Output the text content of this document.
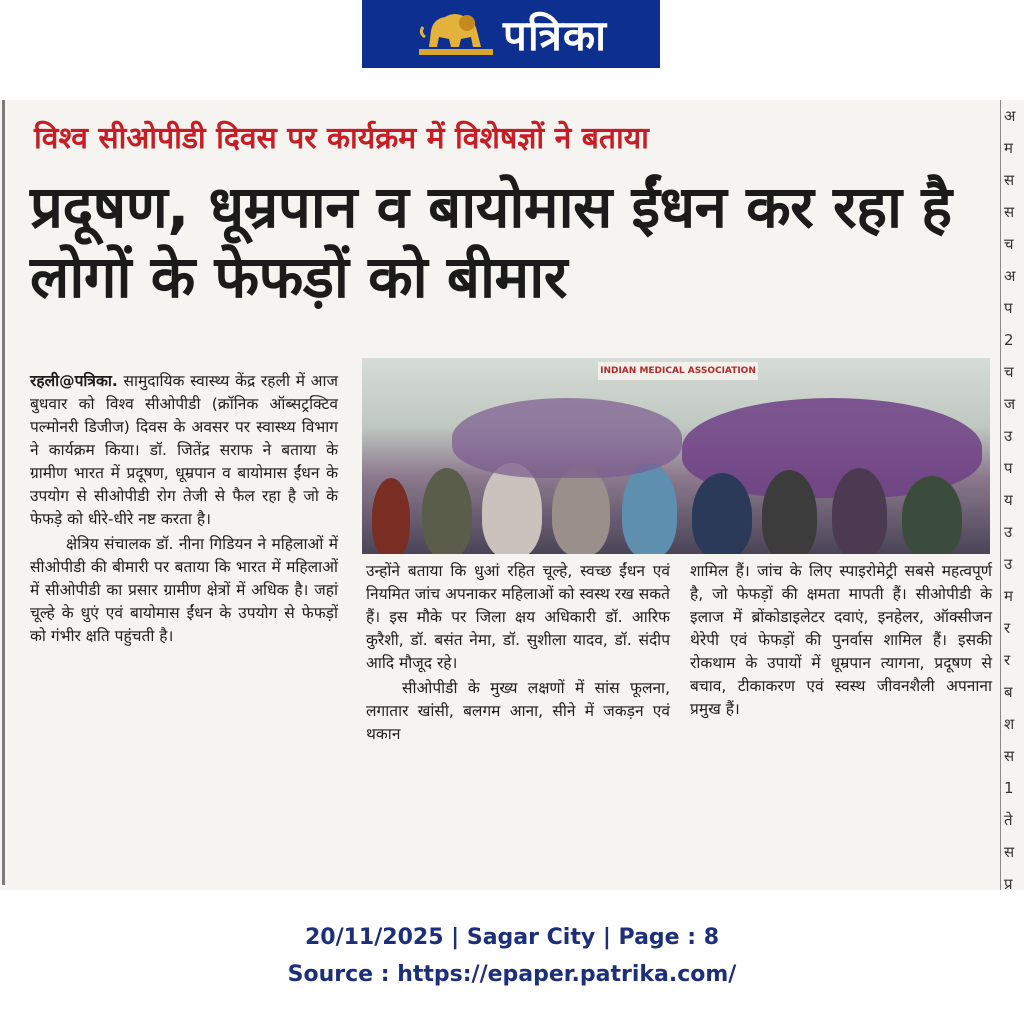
पत्रिका
विश्व सीओपीडी दिवस पर कार्यक्रम में विशेषज्ञों ने बताया
प्रदूषण, धूम्रपान व बायोमास ईंधन कर रहा है लोगों के फेफड़ों को बीमार
INDIAN MEDICAL ASSOCIATION

रहली@पत्रिका. सामुदायिक स्वास्थ्य केंद्र रहली में आज बुधवार को विश्व सीओपीडी (क्रॉनिक ऑब्सट्रक्टिव पल्मोनरी डिजीज) दिवस के अवसर पर स्वास्थ्य विभाग ने कार्यक्रम किया। डॉ. जितेंद्र सराफ ने बताया के ग्रामीण भारत में प्रदूषण, धूम्रपान व बायोमास ईंधन के उपयोग से सीओपीडी रोग तेजी से फैल रहा है जो के फेफड़े को धीरे-धीरे नष्ट करता है।

क्षेत्रिय संचालक डॉ. नीना गिडियन ने महिलाओं में सीओपीडी की बीमारी पर बताया कि भारत में महिलाओं में सीओपीडी का प्रसार ग्रामीण क्षेत्रों में अधिक है। जहां चूल्हे के धुएं एवं बायोमास ईंधन के उपयोग से फेफड़ों को गंभीर क्षति पहुंचती है।

उन्होंने बताया कि धुआं रहित चूल्हे, स्वच्छ ईंधन एवं नियमित जांच अपनाकर महिलाओं को स्वस्थ रख सकते हैं। इस मौके पर जिला क्षय अधिकारी डॉ. आरिफ कुरैशी, डॉ. बसंत नेमा, डॉ. सुशीला यादव, डॉ. संदीप आदि मौजूद रहे।

सीओपीडी के मुख्य लक्षणों में सांस फूलना, लगातार खांसी, बलगम आना, सीने में जकड़न एवं थकान

शामिल हैं। जांच के लिए स्पाइरोमेट्री सबसे महत्वपूर्ण है, जो फेफड़ों की क्षमता मापती हैं। सीओपीडी के इलाज में ब्रोंकोडाइलेटर दवाएं, इनहेलर, ऑक्सीजन थेरेपी एवं फेफड़ों की पुनर्वास शामिल हैं। इसकी रोकथाम के उपायों में धूम्रपान त्यागना, प्रदूषण से बचाव, टीकाकरण एवं स्वस्थ जीवनशैली अपनाना प्रमुख हैं।

अ
म
स
स
च
अ
प
2
च
ज
उ
प
य
उ
उ
म
र
र
ब
श
स
1
ते
स
प्र
20/11/2025 | Sagar City | Page : 8
Source : https://epaper.patrika.com/
